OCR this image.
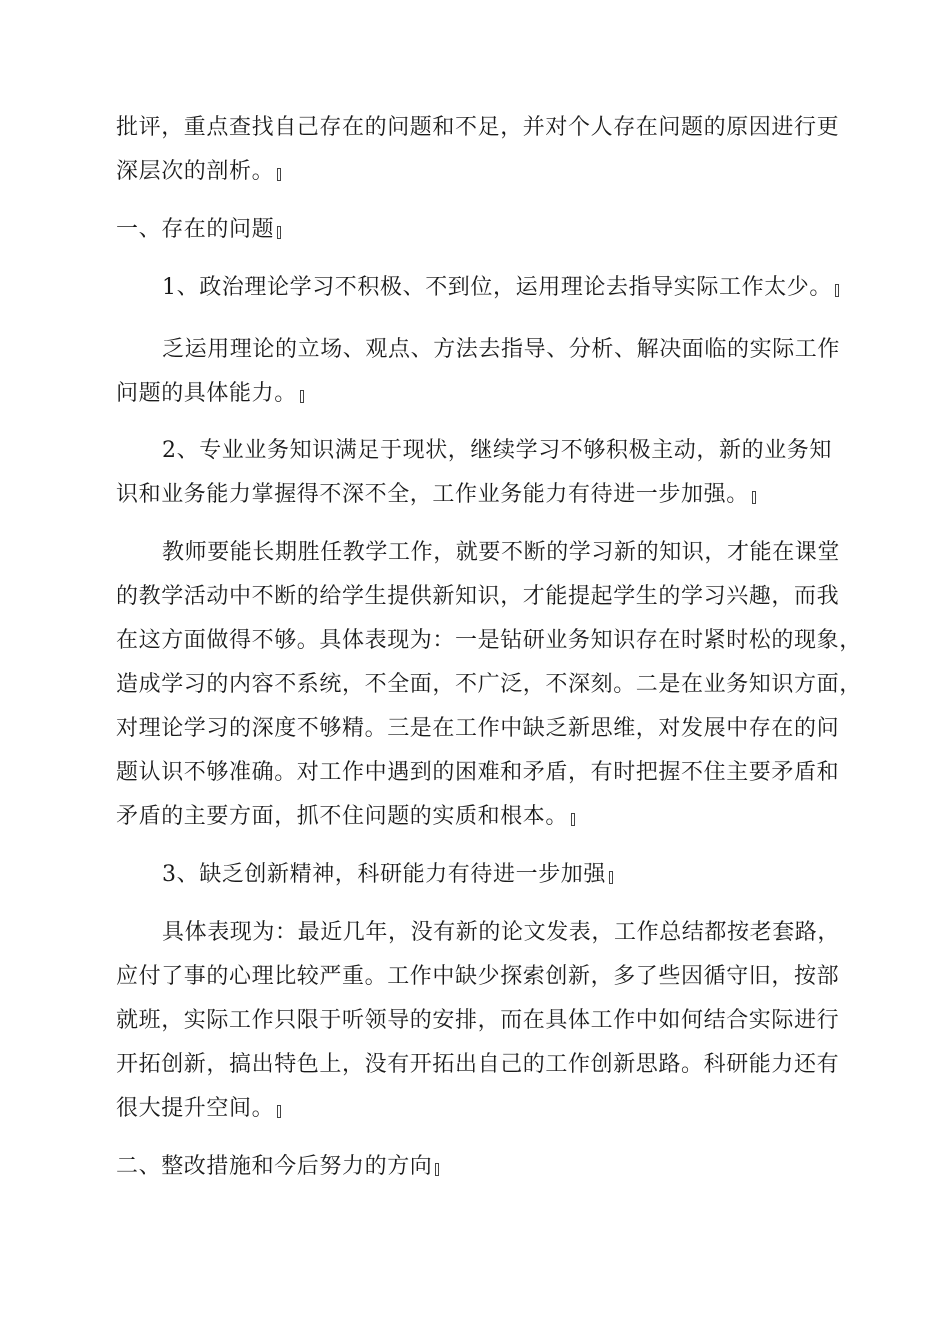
批评，重点查找自己存在的问题和不足，并对个人存在问题的原因进行更
深层次的剖析。
一、存在的问题
1、政治理论学习不积极、不到位，运用理论去指导实际工作太少。
乏运用理论的立场、观点、方法去指导、分析、解决面临的实际工作
问题的具体能力。
2、专业业务知识满足于现状，继续学习不够积极主动，新的业务知
识和业务能力掌握得不深不全，工作业务能力有待进一步加强。
教师要能长期胜任教学工作，就要不断的学习新的知识，才能在课堂
的教学活动中不断的给学生提供新知识，才能提起学生的学习兴趣，而我
在这方面做得不够。具体表现为：一是钻研业务知识存在时紧时松的现象，
造成学习的内容不系统，不全面，不广泛，不深刻。二是在业务知识方面，
对理论学习的深度不够精。三是在工作中缺乏新思维，对发展中存在的问
题认识不够准确。对工作中遇到的困难和矛盾，有时把握不住主要矛盾和
矛盾的主要方面，抓不住问题的实质和根本。
3、缺乏创新精神，科研能力有待进一步加强
具体表现为：最近几年，没有新的论文发表，工作总结都按老套路，
应付了事的心理比较严重。工作中缺少探索创新，多了些因循守旧，按部
就班，实际工作只限于听领导的安排，而在具体工作中如何结合实际进行
开拓创新，搞出特色上，没有开拓出自己的工作创新思路。科研能力还有
很大提升空间。
二、整改措施和今后努力的方向
